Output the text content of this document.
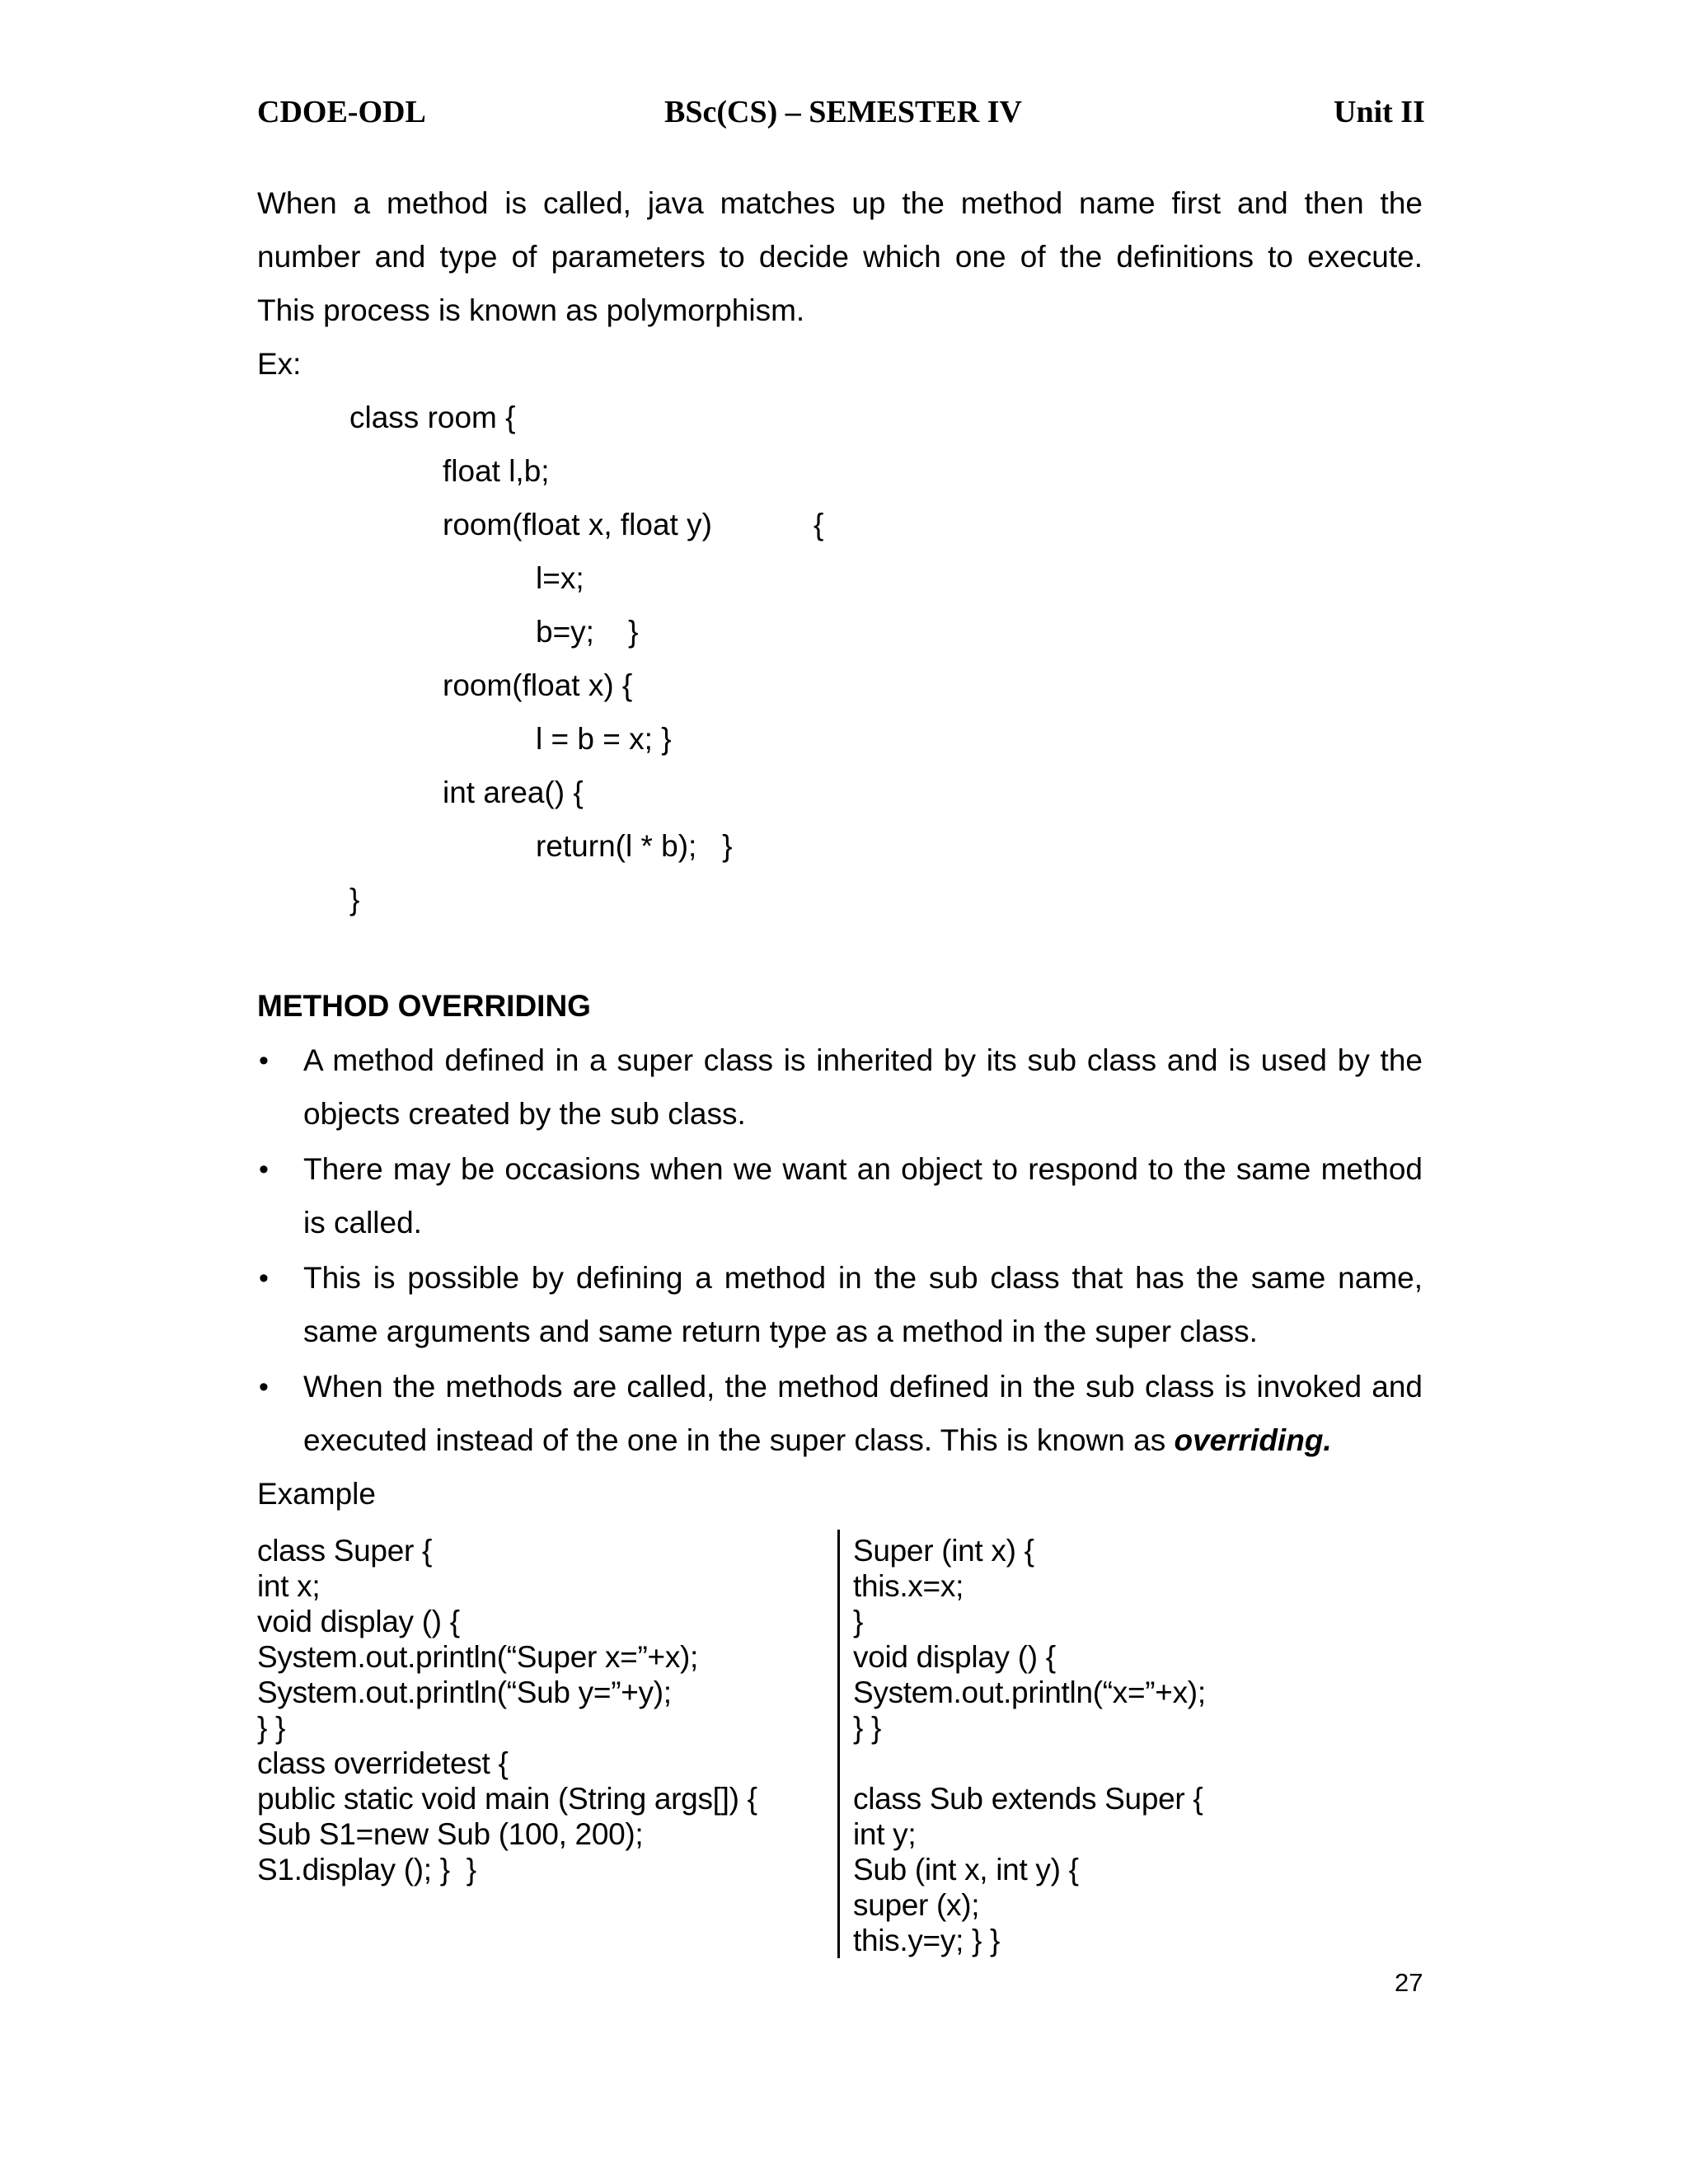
CDOE-ODL	BSc(CS) – SEMESTER IV	Unit II
When a method is called, java matches up the method name first and then the
number and type of parameters to decide which one of the definitions to execute.
This process is known as polymorphism.
Ex:
class room {
float l,b;
room(float x, float y)	{
l=x;
b=y;    }
room(float x) {
l = b = x; }
int area() {
return(l * b);   }
}
METHOD OVERRIDING
• A method defined in a super class is inherited by its sub class and is used by the
objects created by the sub class.
• There may be occasions when we want an object to respond to the same method
is called.
• This is possible by defining a method in the sub class that has the same name,
same arguments and same return type as a method in the super class.
• When the methods are called, the method defined in the sub class is invoked and
executed instead of the one in the super class. This is known as overriding.
Example
class Super {
int x;
void display () {
System.out.println(“Super x=”+x);
System.out.println(“Sub y=”+y);
} }
class overridetest {
public static void main (String args[]) {
Sub S1=new Sub (100, 200);
S1.display (); }  }
Super (int x) {
this.x=x;
}
void display () {
System.out.println(“x=”+x);
} }
class Sub extends Super {
int y;
Sub (int x, int y) {
super (x);
this.y=y; } }
27
